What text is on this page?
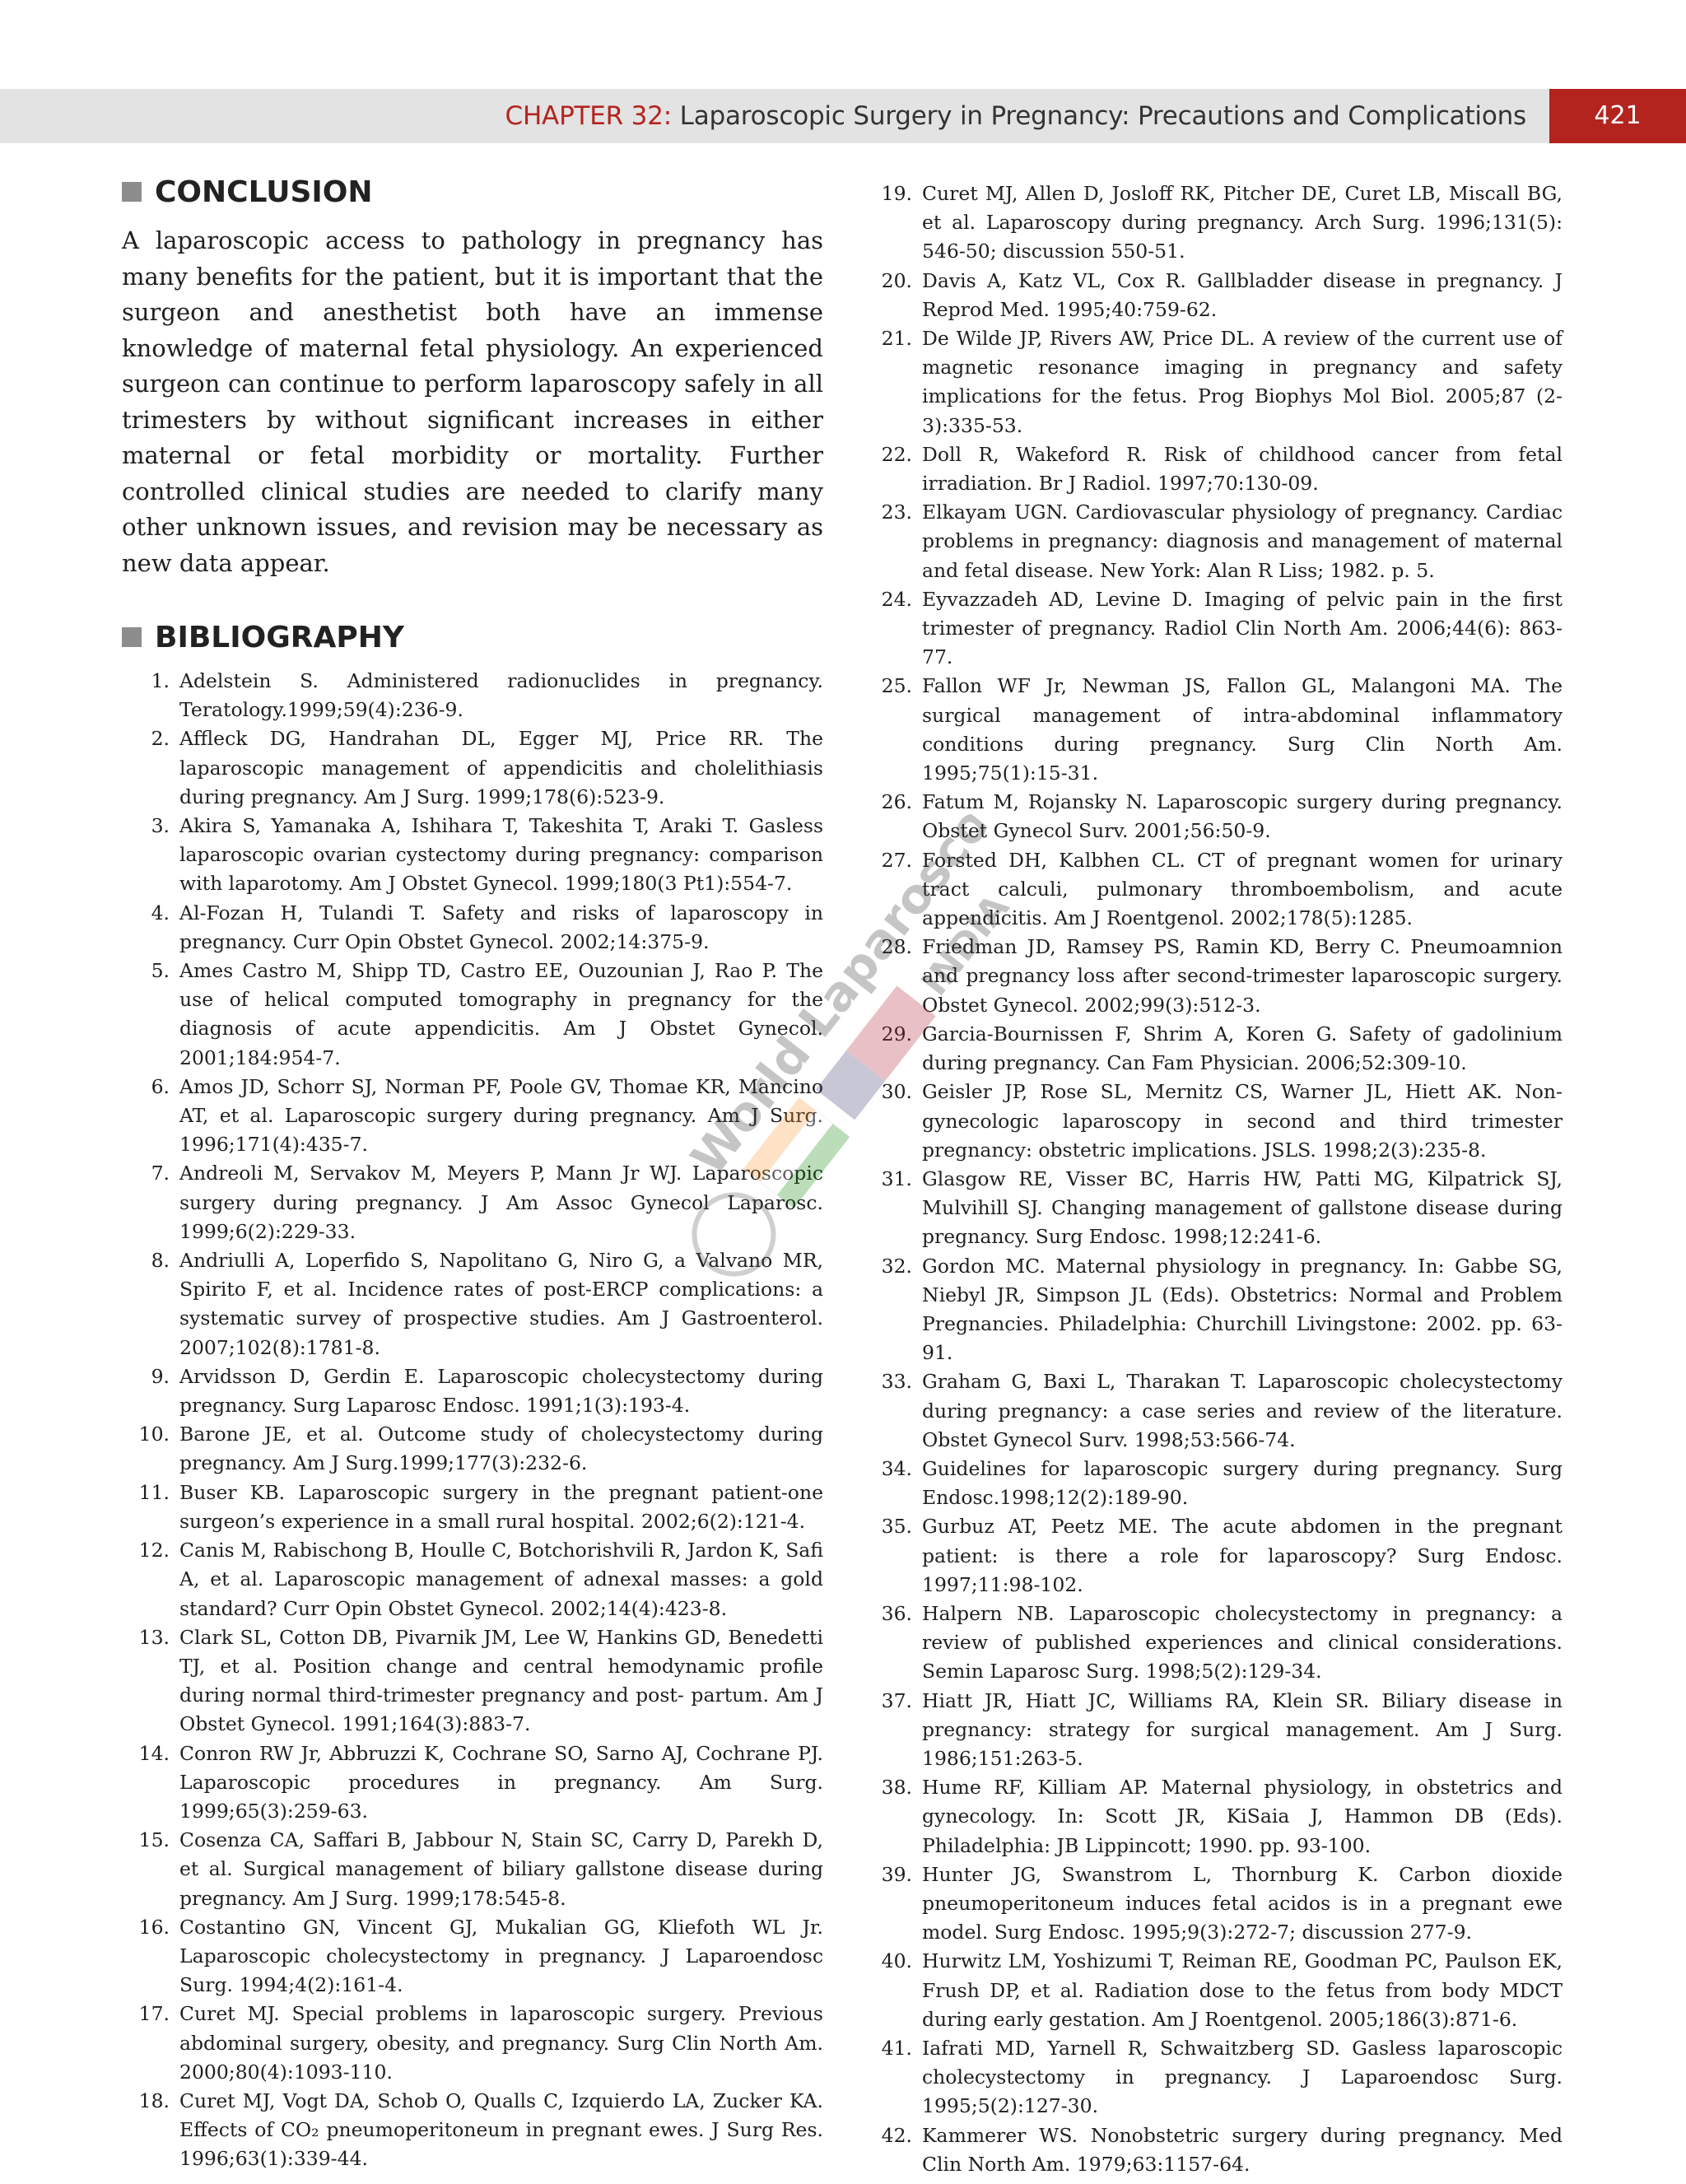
CHAPTER 32: Laparoscopic Surgery in Pregnancy: Precautions and Complications	421
CONCLUSION

A laparoscopic access to pathology in pregnancy has many benefits for the patient, but it is important that the surgeon and anesthetist both have an immense knowledge of maternal fetal physiology. An experienced surgeon can continue to perform laparoscopy safely in all trimesters by without significant increases in either maternal or fetal morbidity or mortality. Further controlled clinical studies are needed to clarify many other unknown issues, and revision may be necessary as new data appear.

BIBLIOGRAPHY
1. Adelstein S. Administered radionuclides in pregnancy. Teratology.1999;59(4):236-9.
2. Affleck DG, Handrahan DL, Egger MJ, Price RR. The laparoscopic management of appendicitis and cholelithiasis during pregnancy. Am J Surg. 1999;178(6):523-9.
3. Akira S, Yamanaka A, Ishihara T, Takeshita T, Araki T. Gasless laparoscopic ovarian cystectomy during pregnancy: comparison with laparotomy. Am J Obstet Gynecol. 1999;180(3 Pt1):554-7.
4. Al-Fozan H, Tulandi T. Safety and risks of laparoscopy in pregnancy. Curr Opin Obstet Gynecol. 2002;14:375-9.
5. Ames Castro M, Shipp TD, Castro EE, Ouzounian J, Rao P. The use of helical computed tomography in pregnancy for the diagnosis of acute appendicitis. Am J Obstet Gynecol. 2001;184:954-7.
6. Amos JD, Schorr SJ, Norman PF, Poole GV, Thomae KR, Mancino AT, et al. Laparoscopic surgery during pregnancy. Am J Surg. 1996;171(4):435-7.
7. Andreoli M, Servakov M, Meyers P, Mann Jr WJ. Laparoscopic surgery during pregnancy. J Am Assoc Gynecol Laparosc. 1999;6(2):229-33.
8. Andriulli A, Loperfido S, Napolitano G, Niro G, a Valvano MR, Spirito F, et al. Incidence rates of post-ERCP complications: a systematic survey of prospective studies. Am J Gastroenterol. 2007;102(8):1781-8.
9. Arvidsson D, Gerdin E. Laparoscopic cholecystectomy during pregnancy. Surg Laparosc Endosc. 1991;1(3):193-4.
10. Barone JE, et al. Outcome study of cholecystectomy during pregnancy. Am J Surg.1999;177(3):232-6.
11. Buser KB. Laparoscopic surgery in the pregnant patient-one surgeon’s experience in a small rural hospital. 2002;6(2):121-4.
12. Canis M, Rabischong B, Houlle C, Botchorishvili R, Jardon K, Safi A, et al. Laparoscopic management of adnexal masses: a gold standard? Curr Opin Obstet Gynecol. 2002;14(4):423-8.
13. Clark SL, Cotton DB, Pivarnik JM, Lee W, Hankins GD, Benedetti TJ, et al. Position change and central hemodynamic profile during normal third-trimester pregnancy and post- partum. Am J Obstet Gynecol. 1991;164(3):883-7.
14. Conron RW Jr, Abbruzzi K, Cochrane SO, Sarno AJ, Cochrane PJ. Laparoscopic procedures in pregnancy. Am Surg. 1999;65(3):259-63.
15. Cosenza CA, Saffari B, Jabbour N, Stain SC, Carry D, Parekh D, et al. Surgical management of biliary gallstone disease during pregnancy. Am J Surg. 1999;178:545-8.
16. Costantino GN, Vincent GJ, Mukalian GG, Kliefoth WL Jr. Laparoscopic cholecystectomy in pregnancy. J Laparoendosc Surg. 1994;4(2):161-4.
17. Curet MJ. Special problems in laparoscopic surgery. Previous abdominal surgery, obesity, and pregnancy. Surg Clin North Am. 2000;80(4):1093-110.
18. Curet MJ, Vogt DA, Schob O, Qualls C, Izquierdo LA, Zucker KA. Effects of CO₂ pneumoperitoneum in pregnant ewes. J Surg Res. 1996;63(1):339-44.
19. Curet MJ, Allen D, Josloff RK, Pitcher DE, Curet LB, Miscall BG, et al. Laparoscopy during pregnancy. Arch Surg. 1996;131(5): 546-50; discussion 550-51.
20. Davis A, Katz VL, Cox R. Gallbladder disease in pregnancy. J Reprod Med. 1995;40:759-62.
21. De Wilde JP, Rivers AW, Price DL. A review of the current use of magnetic resonance imaging in pregnancy and safety implications for the fetus. Prog Biophys Mol Biol. 2005;87 (2-3):335-53.
22. Doll R, Wakeford R. Risk of childhood cancer from fetal irradiation. Br J Radiol. 1997;70:130-09.
23. Elkayam UGN. Cardiovascular physiology of pregnancy. Cardiac problems in pregnancy: diagnosis and management of maternal and fetal disease. New York: Alan R Liss; 1982. p. 5.
24. Eyvazzadeh AD, Levine D. Imaging of pelvic pain in the first trimester of pregnancy. Radiol Clin North Am. 2006;44(6): 863-77.
25. Fallon WF Jr, Newman JS, Fallon GL, Malangoni MA. The surgical management of intra-abdominal inflammatory conditions during pregnancy. Surg Clin North Am. 1995;75(1):15-31.
26. Fatum M, Rojansky N. Laparoscopic surgery during pregnancy. Obstet Gynecol Surv. 2001;56:50-9.
27. Forsted DH, Kalbhen CL. CT of pregnant women for urinary tract calculi, pulmonary thromboembolism, and acute appendicitis. Am J Roentgenol. 2002;178(5):1285.
28. Friedman JD, Ramsey PS, Ramin KD, Berry C. Pneumoamnion and pregnancy loss after second-trimester laparoscopic surgery. Obstet Gynecol. 2002;99(3):512-3.
29. Garcia-Bournissen F, Shrim A, Koren G. Safety of gadolinium during pregnancy. Can Fam Physician. 2006;52:309-10.
30. Geisler JP, Rose SL, Mernitz CS, Warner JL, Hiett AK. Non-gynecologic laparoscopy in second and third trimester pregnancy: obstetric implications. JSLS. 1998;2(3):235-8.
31. Glasgow RE, Visser BC, Harris HW, Patti MG, Kilpatrick SJ, Mulvihill SJ. Changing management of gallstone disease during pregnancy. Surg Endosc. 1998;12:241-6.
32. Gordon MC. Maternal physiology in pregnancy. In: Gabbe SG, Niebyl JR, Simpson JL (Eds). Obstetrics: Normal and Problem Pregnancies. Philadelphia: Churchill Livingstone: 2002. pp. 63-91.
33. Graham G, Baxi L, Tharakan T. Laparoscopic cholecystectomy during pregnancy: a case series and review of the literature. Obstet Gynecol Surv. 1998;53:566-74.
34. Guidelines for laparoscopic surgery during pregnancy. Surg Endosc.1998;12(2):189-90.
35. Gurbuz AT, Peetz ME. The acute abdomen in the pregnant patient: is there a role for laparoscopy? Surg Endosc. 1997;11:98-102.
36. Halpern NB. Laparoscopic cholecystectomy in pregnancy: a review of published experiences and clinical considerations. Semin Laparosc Surg. 1998;5(2):129-34.
37. Hiatt JR, Hiatt JC, Williams RA, Klein SR. Biliary disease in pregnancy: strategy for surgical management. Am J Surg. 1986;151:263-5.
38. Hume RF, Killiam AP. Maternal physiology, in obstetrics and gynecology. In: Scott JR, KiSaia J, Hammon DB (Eds). Philadelphia: JB Lippincott; 1990. pp. 93-100.
39. Hunter JG, Swanstrom L, Thornburg K. Carbon dioxide pneumoperitoneum induces fetal acidos is in a pregnant ewe model. Surg Endosc. 1995;9(3):272-7; discussion 277-9.
40. Hurwitz LM, Yoshizumi T, Reiman RE, Goodman PC, Paulson EK, Frush DP, et al. Radiation dose to the fetus from body MDCT during early gestation. Am J Roentgenol. 2005;186(3):871-6.
41. Iafrati MD, Yarnell R, Schwaitzberg SD. Gasless laparoscopic cholecystectomy in pregnancy. J Laparoendosc Surg. 1995;5(2):127-30.
42. Kammerer WS. Nonobstetric surgery during pregnancy. Med Clin North Am. 1979;63:1157-64.
World Laparoscopy
INDIA
